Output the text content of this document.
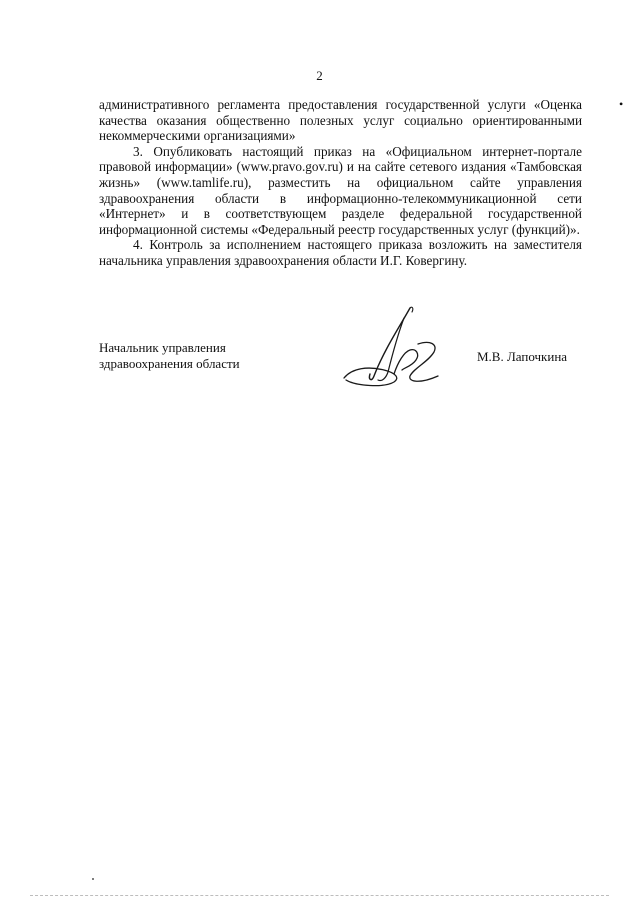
2
•

административного регламента предоставления государственной услуги «Оценка качества оказания общественно полезных услуг социально ориентированными некоммерческими организациями»

3. Опубликовать настоящий приказ на «Официальном интернет-портале правовой информации» (www.pravo.gov.ru) и на сайте сетевого издания «Тамбовская жизнь» (www.tamlife.ru), разместить на официальном сайте управления здравоохранения области в информационно-телекоммуникационной сети «Интернет» и в соответствующем разделе федеральной государственной информационной системы «Федеральный реестр государственных услуг (функций)».

4. Контроль за исполнением настоящего приказа возложить на заместителя начальника управления здравоохранения области И.Г. Ковергину.

Начальник управления
здравоохранения области	М.В. Лапочкина
